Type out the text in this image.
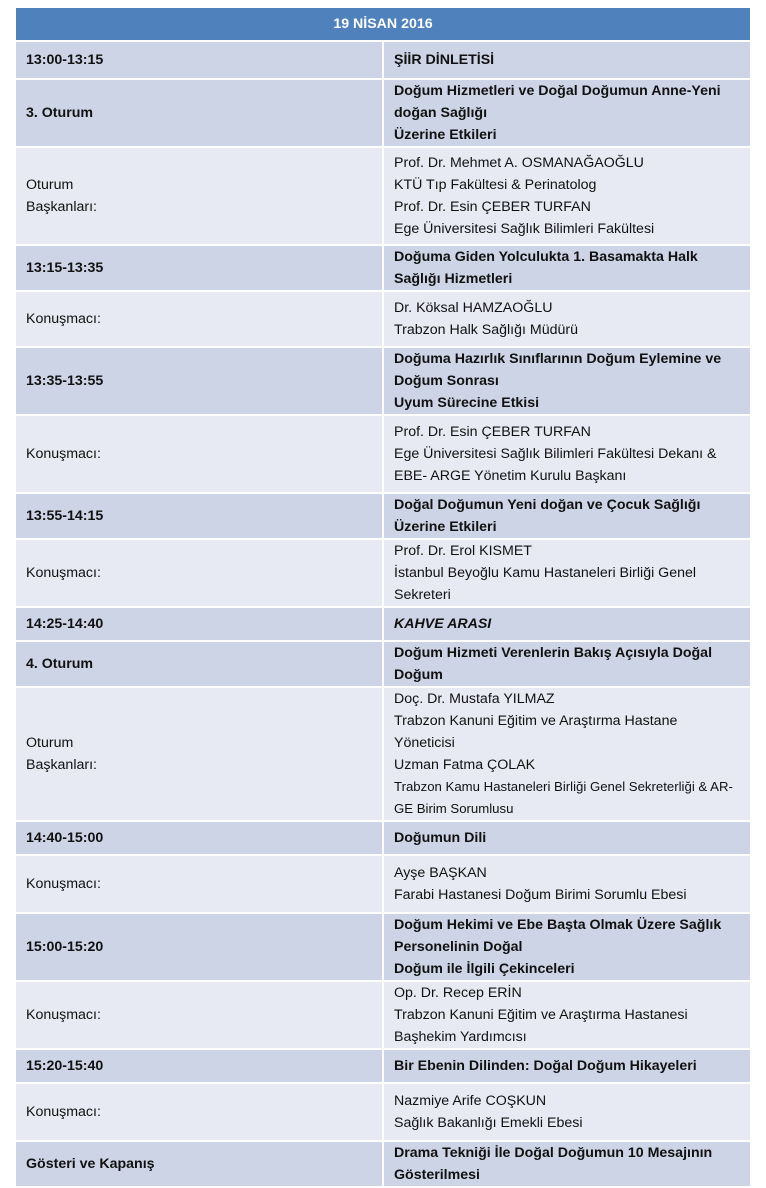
19 NİSAN 2016	
13:00-13:15	ŞİİR DİNLETİSİ

3. Oturum	Doğum Hizmetleri ve Doğal Doğumun Anne-Yeni doğan Sağlığı
Üzerine Etkileri

Oturum
Başkanları:	Prof. Dr. Mehmet A. OSMANAĞAOĞLU
KTÜ Tıp Fakültesi & Perinatolog
Prof. Dr. Esin ÇEBER TURFAN
Ege Üniversitesi Sağlık Bilimleri Fakültesi

13:15-13:35	Doğuma Giden Yolculukta 1. Basamakta Halk Sağlığı Hizmetleri

Konuşmacı:	Dr. Köksal HAMZAOĞLU
Trabzon Halk Sağlığı Müdürü

13:35-13:55	Doğuma Hazırlık Sınıflarının Doğum Eylemine ve Doğum Sonrası
Uyum Sürecine Etkisi

Konuşmacı:	Prof. Dr. Esin ÇEBER TURFAN
Ege Üniversitesi Sağlık Bilimleri Fakültesi Dekanı &
EBE- ARGE Yönetim Kurulu Başkanı

13:55-14:15	Doğal Doğumun Yeni doğan ve Çocuk Sağlığı Üzerine Etkileri

Konuşmacı:	Prof. Dr. Erol KISMET
İstanbul Beyoğlu Kamu Hastaneleri Birliği Genel Sekreteri

14:25-14:40	KAHVE ARASI

4. Oturum	Doğum Hizmeti Verenlerin Bakış Açısıyla Doğal Doğum

Oturum
Başkanları:	Doç. Dr. Mustafa YILMAZ
Trabzon Kanuni Eğitim ve Araştırma Hastane Yöneticisi
Uzman Fatma ÇOLAK
Trabzon Kamu Hastaneleri Birliği Genel Sekreterliği & AR-GE Birim Sorumlusu

14:40-15:00	Doğumun Dili

Konuşmacı:	Ayşe BAŞKAN
Farabi Hastanesi Doğum Birimi Sorumlu Ebesi

15:00-15:20	Doğum Hekimi ve Ebe Başta Olmak Üzere Sağlık Personelinin Doğal
Doğum ile İlgili Çekinceleri

Konuşmacı:	Op. Dr. Recep ERİN
Trabzon Kanuni Eğitim ve Araştırma Hastanesi Başhekim Yardımcısı

15:20-15:40	Bir Ebenin Dilinden: Doğal Doğum Hikayeleri

Konuşmacı:	Nazmiye Arife COŞKUN
Sağlık Bakanlığı Emekli Ebesi

Gösteri ve Kapanış	Drama Tekniği İle Doğal Doğumun 10 Mesajının Gösterilmesi
